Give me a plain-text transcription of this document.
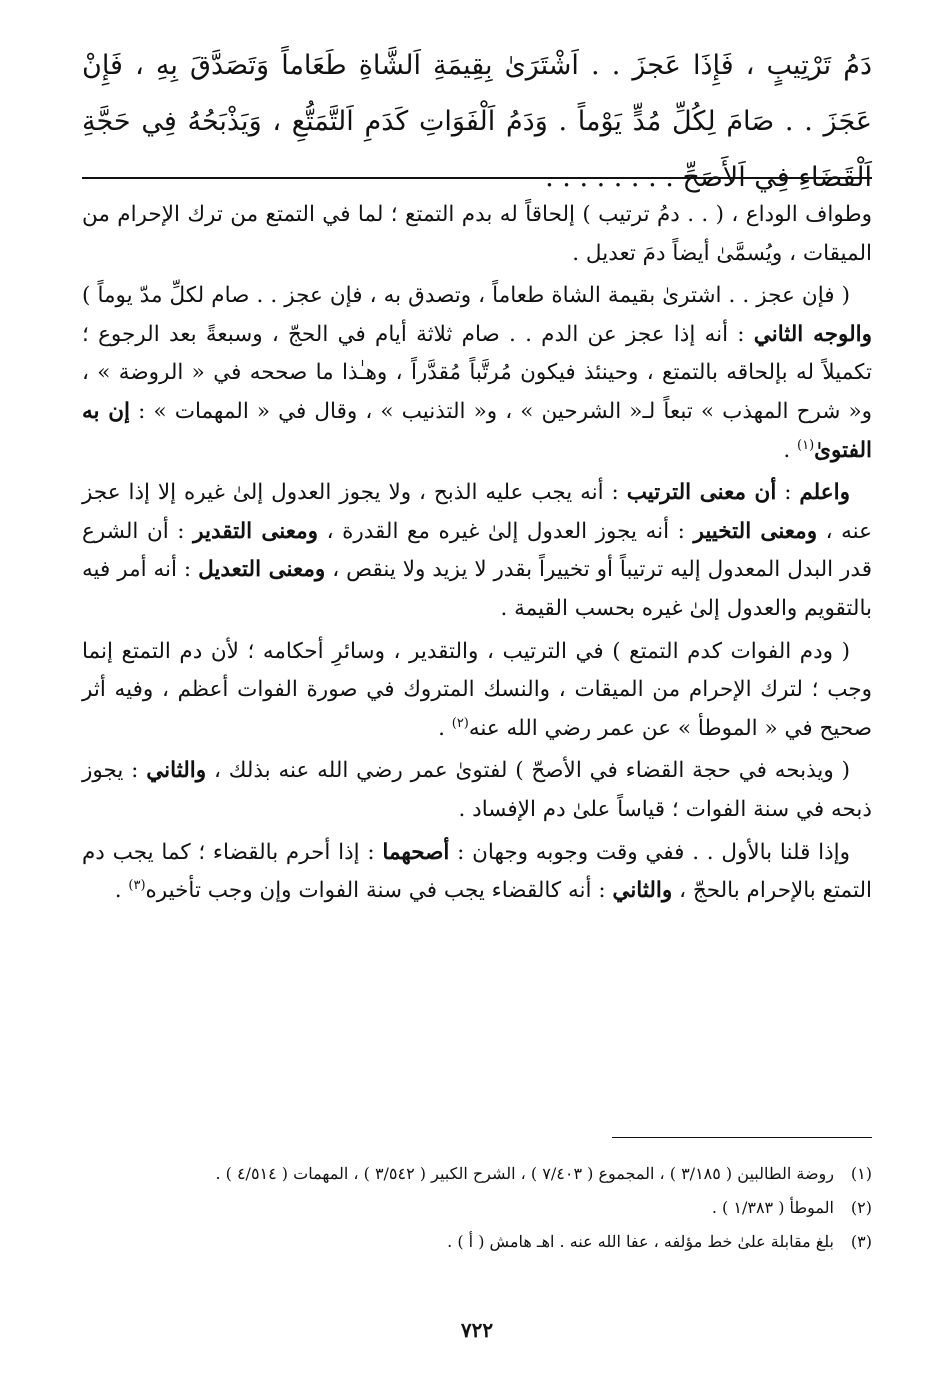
دَمُ تَرْتِيبٍ ، فَإِذَا عَجزَ . . اَشْتَرَىٰ بِقِيمَةِ اَلشَّاةِ طَعَاماً وَتَصَدَّقَ بِهِ ، فَإِنْ عَجَزَ . . صَامَ لِكُلِّ مُدٍّ يَوْماً . وَدَمُ اَلْفَوَاتِ كَدَمِ اَلتَّمَتُّعِ ، وَيَذْبَحُهُ فِي حَجَّةِ اَلْقَضَاءِ فِي اَلأَصَحِّ . . . . . . . .

وطواف الوداع ، ( . . دمُ ترتيب ) إلحاقاً له بدم التمتع ؛ لما في التمتع من ترك الإحرام من الميقات ، ويُسمَّىٰ أيضاً دمَ تعديل .

( فإن عجز . . اشترىٰ بقيمة الشاة طعاماً ، وتصدق به ، فإن عجز . . صام لكلِّ مدّ يوماً ) والوجه الثاني : أنه إذا عجز عن الدم . . صام ثلاثة أيام في الحجّ ، وسبعةً بعد الرجوع ؛ تكميلاً له بإلحاقه بالتمتع ، وحينئذ فيكون مُرتَّباً مُقدَّراً ، وهـٰذا ما صححه في « الروضة » ، و« شرح المهذب » تبعاً لـ« الشرحين » ، و« التذنيب » ، وقال في « المهمات » : إن به الفتوىٰ$^{(١)}$ .

واعلم : أن معنى الترتيب : أنه يجب عليه الذبح ، ولا يجوز العدول إلىٰ غيره إلا إذا عجز عنه ، ومعنى التخيير : أنه يجوز العدول إلىٰ غيره مع القدرة ، ومعنى التقدير : أن الشرع قدر البدل المعدول إليه ترتيباً أو تخييراً بقدر لا يزيد ولا ينقص ، ومعنى التعديل : أنه أمر فيه بالتقويم والعدول إلىٰ غيره بحسب القيمة .

( ودم الفوات كدم التمتع ) في الترتيب ، والتقدير ، وسائرِ أحكامه ؛ لأن دم التمتع إنما وجب ؛ لترك الإحرام من الميقات ، والنسك المتروك في صورة الفوات أعظم ، وفيه أثر صحيح في « الموطأ » عن عمر رضي الله عنه$^{(٢)}$ .

( ويذبحه في حجة القضاء في الأصحّ ) لفتوىٰ عمر رضي الله عنه بذلك ، والثاني : يجوز ذبحه في سنة الفوات ؛ قياساً علىٰ دم الإفساد .

وإذا قلنا بالأول . . ففي وقت وجوبه وجهان : أصحهما : إذا أحرم بالقضاء ؛ كما يجب دم التمتع بالإحرام بالحجّ ، والثاني : أنه كالقضاء يجب في سنة الفوات وإن وجب تأخيره$^{(٣)}$ .

(١)
روضة الطالبين ( ٣/١٨٥ ) ، المجموع ( ٧/٤٠٣ ) ، الشرح الكبير ( ٣/٥٤٢ ) ، المهمات ( ٤/٥١٤ ) .
(٢)
الموطأ ( ١/٣٨٣ ) .
(٣)
بلغ مقابلة علىٰ خط مؤلفه ، عفا الله عنه . اهـ هامش ( أ ) .
٧٢٢
